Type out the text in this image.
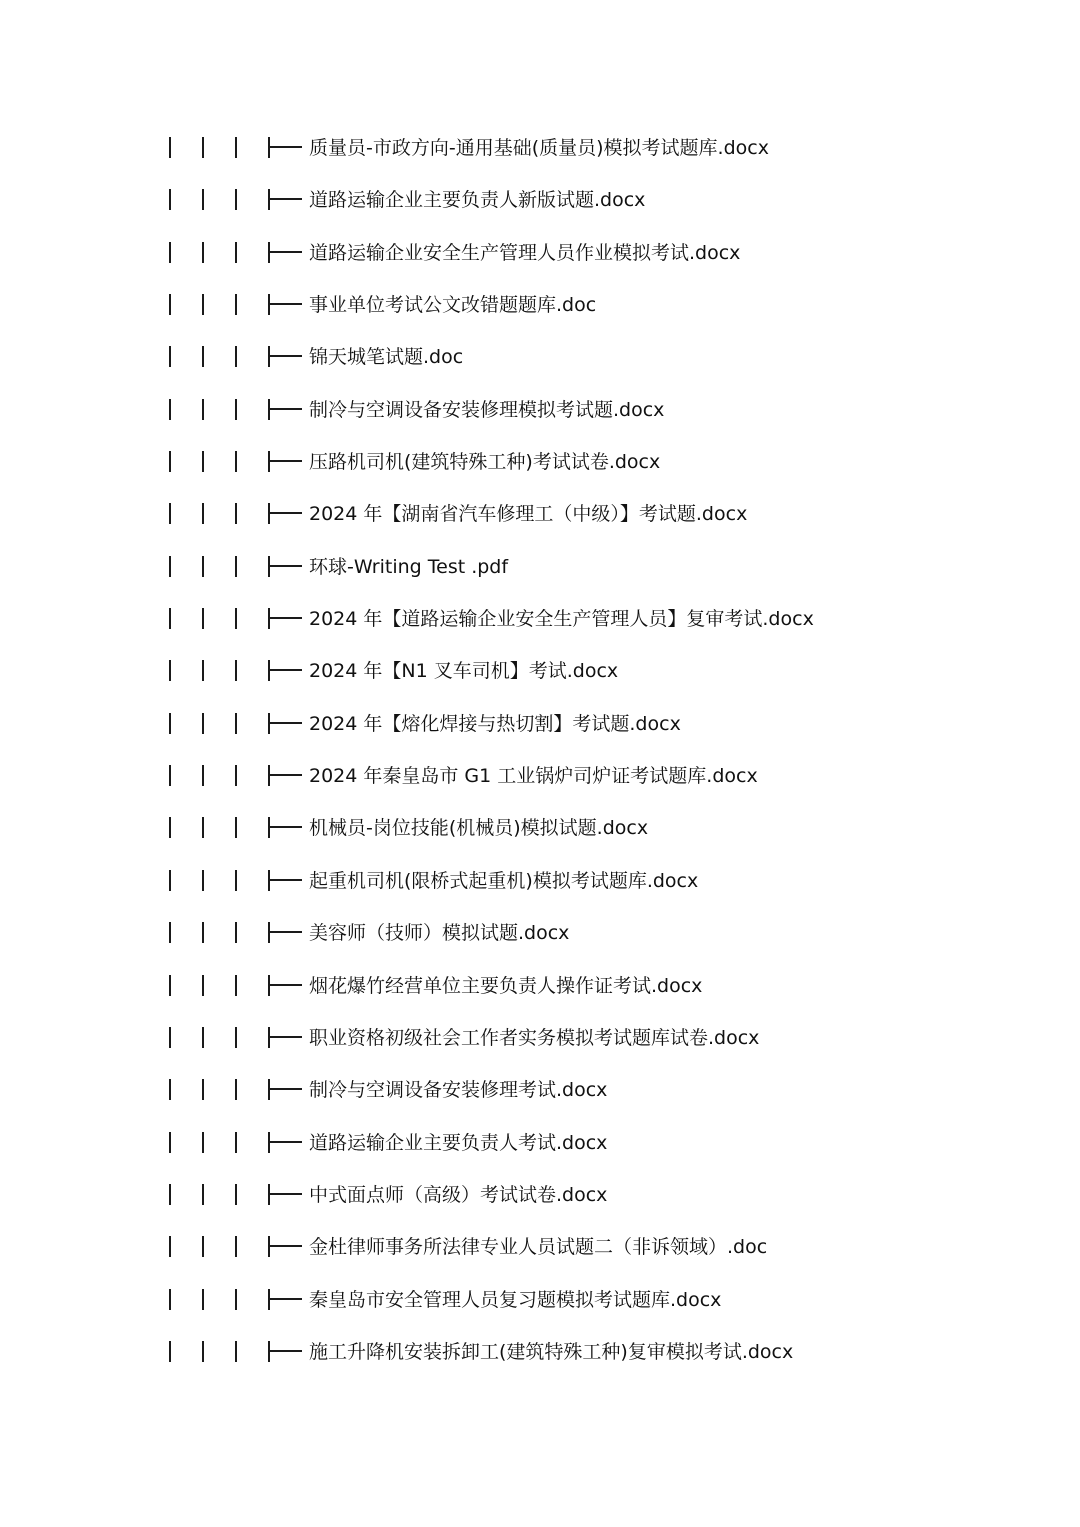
质量员-市政方向-通用基础(质量员)模拟考试题库.docx
道路运输企业主要负责人新版试题.docx
道路运输企业安全生产管理人员作业模拟考试.docx
事业单位考试公文改错题题库.doc
锦天城笔试题.doc
制冷与空调设备安装修理模拟考试题.docx
压路机司机(建筑特殊工种)考试试卷.docx
2024 年【湖南省汽车修理工（中级）】考试题.docx
环球-Writing Test .pdf
2024 年【道路运输企业安全生产管理人员】复审考试.docx
2024 年【N1 叉车司机】考试.docx
2024 年【熔化焊接与热切割】考试题.docx
2024 年秦皇岛市 G1 工业锅炉司炉证考试题库.docx
机械员-岗位技能(机械员)模拟试题.docx
起重机司机(限桥式起重机)模拟考试题库.docx
美容师（技师）模拟试题.docx
烟花爆竹经营单位主要负责人操作证考试.docx
职业资格初级社会工作者实务模拟考试题库试卷.docx
制冷与空调设备安装修理考试.docx
道路运输企业主要负责人考试.docx
中式面点师（高级）考试试卷.docx
金杜律师事务所法律专业人员试题二（非诉领域）.doc
秦皇岛市安全管理人员复习题模拟考试题库.docx
施工升降机安装拆卸工(建筑特殊工种)复审模拟考试.docx
